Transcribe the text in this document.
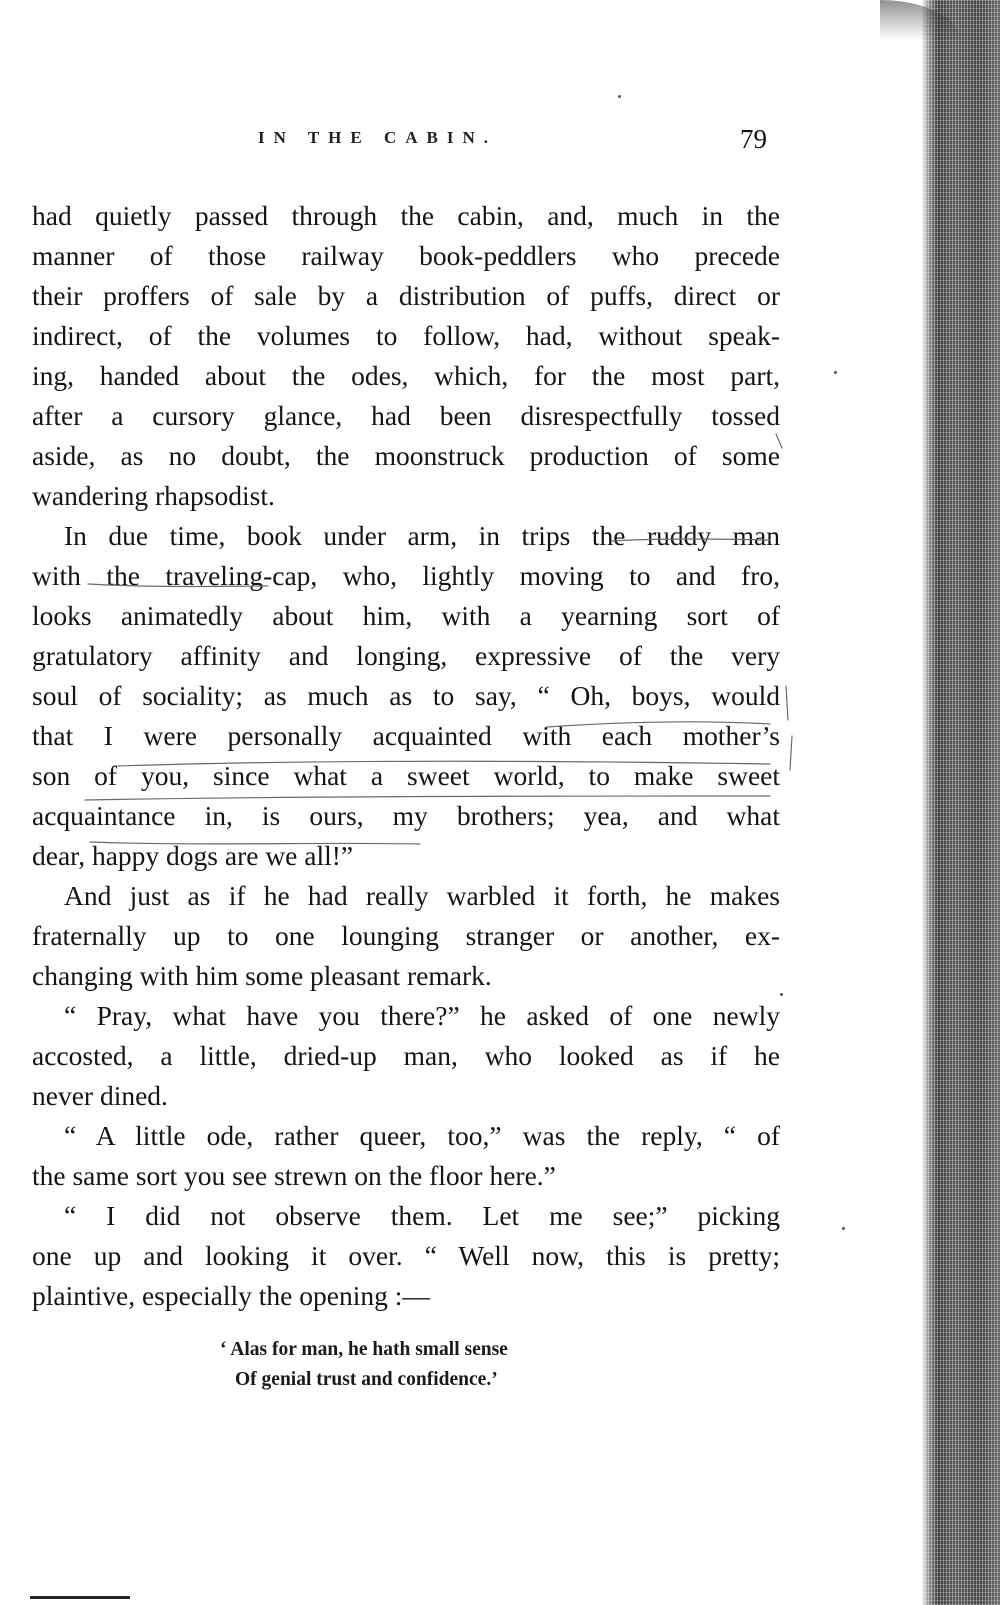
IN THE CABIN.	79
had quietly passed through the cabin, and, much in the
manner of those railway book-peddlers who precede
their proffers of sale by a distribution of puffs, direct or
indirect, of the volumes to follow, had, without speak-
ing, handed about the odes, which, for the most part,
after a cursory glance, had been disrespectfully tossed
aside, as no doubt, the moonstruck production of some
wandering rhapsodist.
In due time, book under arm, in trips the ruddy man
with the traveling-cap, who, lightly moving to and fro,
looks animatedly about him, with a yearning sort of
gratulatory affinity and longing, expressive of the very
soul of sociality; as much as to say, “ Oh, boys, would
that I were personally acquainted with each mother’s
son of you, since what a sweet world, to make sweet
acquaintance in, is ours, my brothers; yea, and what
dear, happy dogs are we all!”
And just as if he had really warbled it forth, he makes
fraternally up to one lounging stranger or another, ex-
changing with him some pleasant remark.
“ Pray, what have you there?” he asked of one newly
accosted, a little, dried-up man, who looked as if he
never dined.
“ A little ode, rather queer, too,” was the reply, “ of
the same sort you see strewn on the floor here.”
“ I did not observe them. Let me see;” picking
one up and looking it over. “ Well now, this is pretty;
plaintive, especially the opening :—
‘ Alas for man, he hath small sense
Of genial trust and confidence.’
